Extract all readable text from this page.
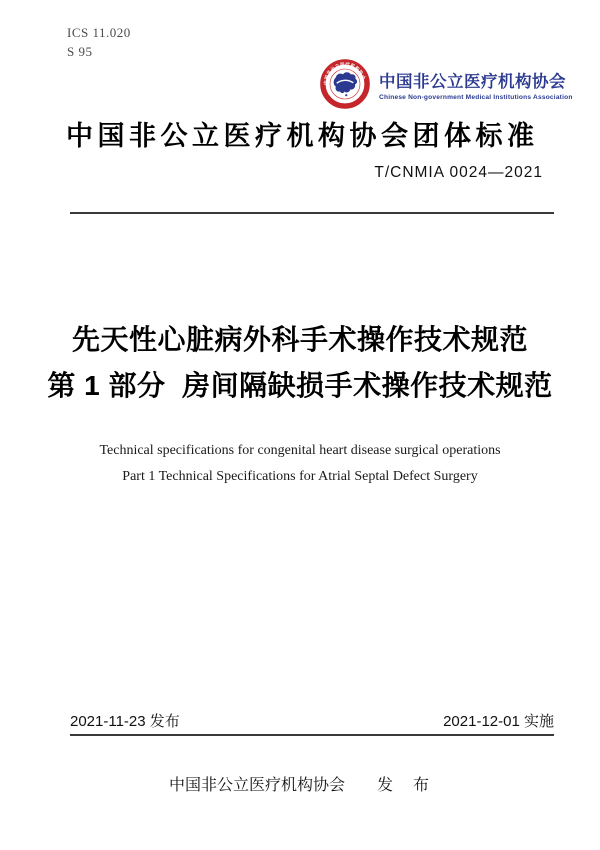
ICS 11.020
S 95
中国非公立医疗机构协会 中国非公立医疗机构协会
Chinese Non-government Medical Institutions Association
中国非公立医疗机构协会团体标准
T/CNMIA 0024—2021
先天性心脏病外科手术操作技术规范
第 1 部分  房间隔缺损手术操作技术规范
Technical specifications for congenital heart disease surgical operations
Part 1 Technical Specifications for Atrial Septal Defect Surgery
2021-11-23 发布	2021-12-01 实施
中国非公立医疗机构协会 发　布
